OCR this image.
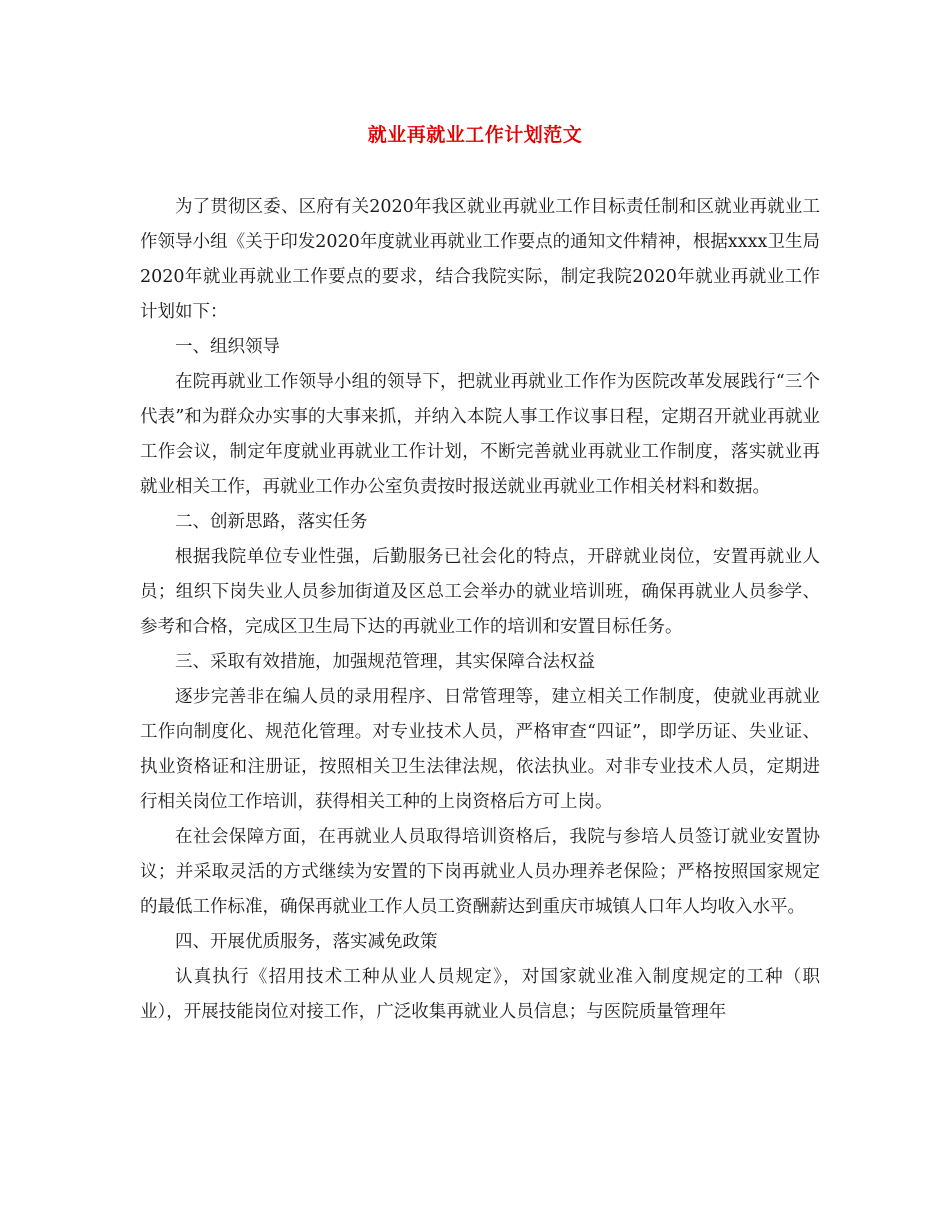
就业再就业工作计划范文

为了贯彻区委、区府有关2020年我区就业再就业工作目标责任制和区就业再就业工作领导小组《关于印发2020年度就业再就业工作要点的通知文件精神，根据xxxx卫生局2020年就业再就业工作要点的要求，结合我院实际，制定我院2020年就业再就业工作计划如下：

一、组织领导

在院再就业工作领导小组的领导下，把就业再就业工作作为医院改革发展践行“三个代表”和为群众办实事的大事来抓，并纳入本院人事工作议事日程，定期召开就业再就业工作会议，制定年度就业再就业工作计划，不断完善就业再就业工作制度，落实就业再就业相关工作，再就业工作办公室负责按时报送就业再就业工作相关材料和数据。

二、创新思路，落实任务

根据我院单位专业性强，后勤服务已社会化的特点，开辟就业岗位，安置再就业人员；组织下岗失业人员参加街道及区总工会举办的就业培训班，确保再就业人员参学、参考和合格，完成区卫生局下达的再就业工作的培训和安置目标任务。

三、采取有效措施，加强规范管理，其实保障合法权益

逐步完善非在编人员的录用程序、日常管理等，建立相关工作制度，使就业再就业工作向制度化、规范化管理。对专业技术人员，严格审查“四证”，即学历证、失业证、执业资格证和注册证，按照相关卫生法律法规，依法执业。对非专业技术人员，定期进行相关岗位工作培训，获得相关工种的上岗资格后方可上岗。

在社会保障方面，在再就业人员取得培训资格后，我院与参培人员签订就业安置协议；并采取灵活的方式继续为安置的下岗再就业人员办理养老保险；严格按照国家规定的最低工作标准，确保再就业工作人员工资酬薪达到重庆市城镇人口年人均收入水平。

四、开展优质服务，落实减免政策

认真执行《招用技术工种从业人员规定》，对国家就业准入制度规定的工种（职业），开展技能岗位对接工作，广泛收集再就业人员信息；与医院质量管理年
